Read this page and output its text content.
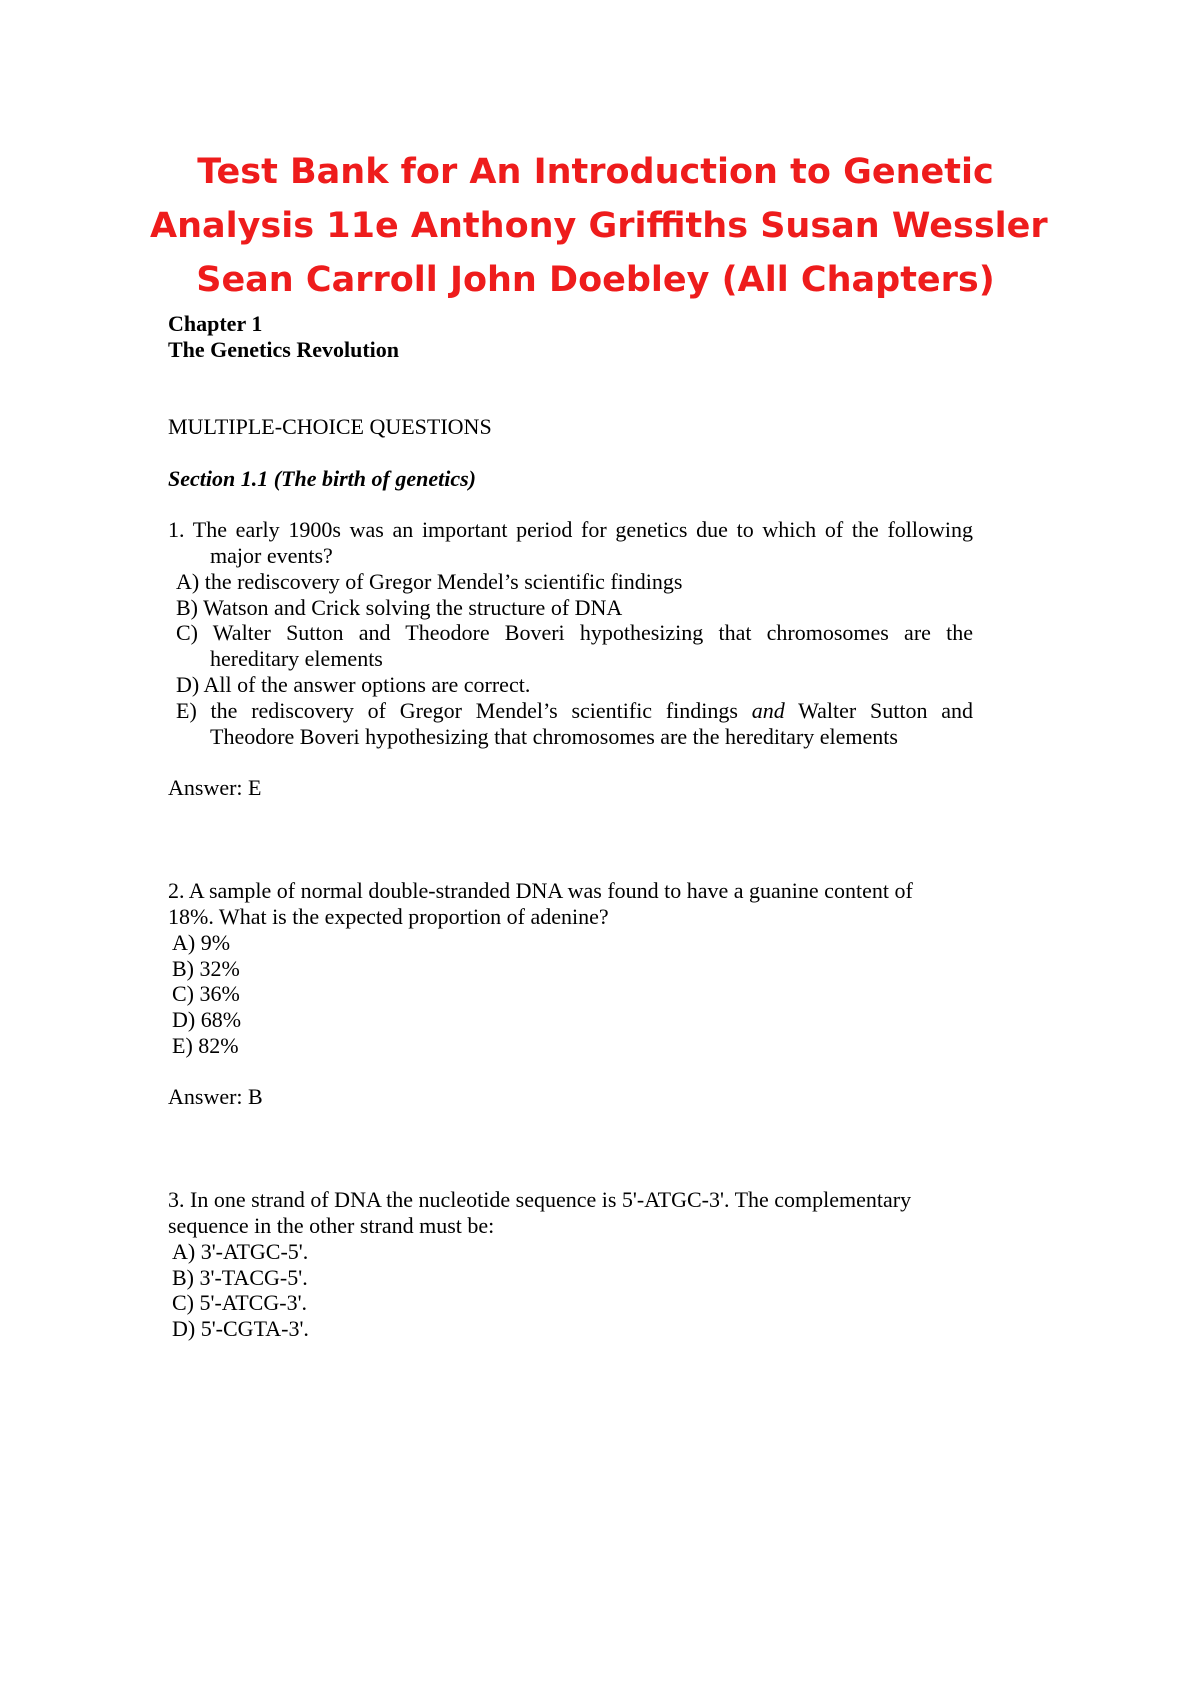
Test Bank for An Introduction to Genetic
Analysis 11e Anthony Griffiths Susan Wessler
Sean Carroll John Doebley (All Chapters)
Chapter 1
The Genetics Revolution
MULTIPLE-CHOICE QUESTIONS
Section 1.1 (The birth of genetics)
1. The early 1900s was an important period for genetics due to which of the following
major events?
A) the rediscovery of Gregor Mendel’s scientific findings
B) Watson and Crick solving the structure of DNA
C) Walter Sutton and Theodore Boveri hypothesizing that chromosomes are the
hereditary elements
D) All of the answer options are correct.
E) the rediscovery of Gregor Mendel’s scientific findings and Walter Sutton and
Theodore Boveri hypothesizing that chromosomes are the hereditary elements
Answer: E
2. A sample of normal double-stranded DNA was found to have a guanine content of
18%. What is the expected proportion of adenine?
A) 9%
B) 32%
C) 36%
D) 68%
E) 82%
Answer: B
3. In one strand of DNA the nucleotide sequence is 5'-ATGC-3'. The complementary
sequence in the other strand must be:
A) 3'-ATGC-5'.
B) 3'-TACG-5'.
C) 5'-ATCG-3'.
D) 5'-CGTA-3'.
